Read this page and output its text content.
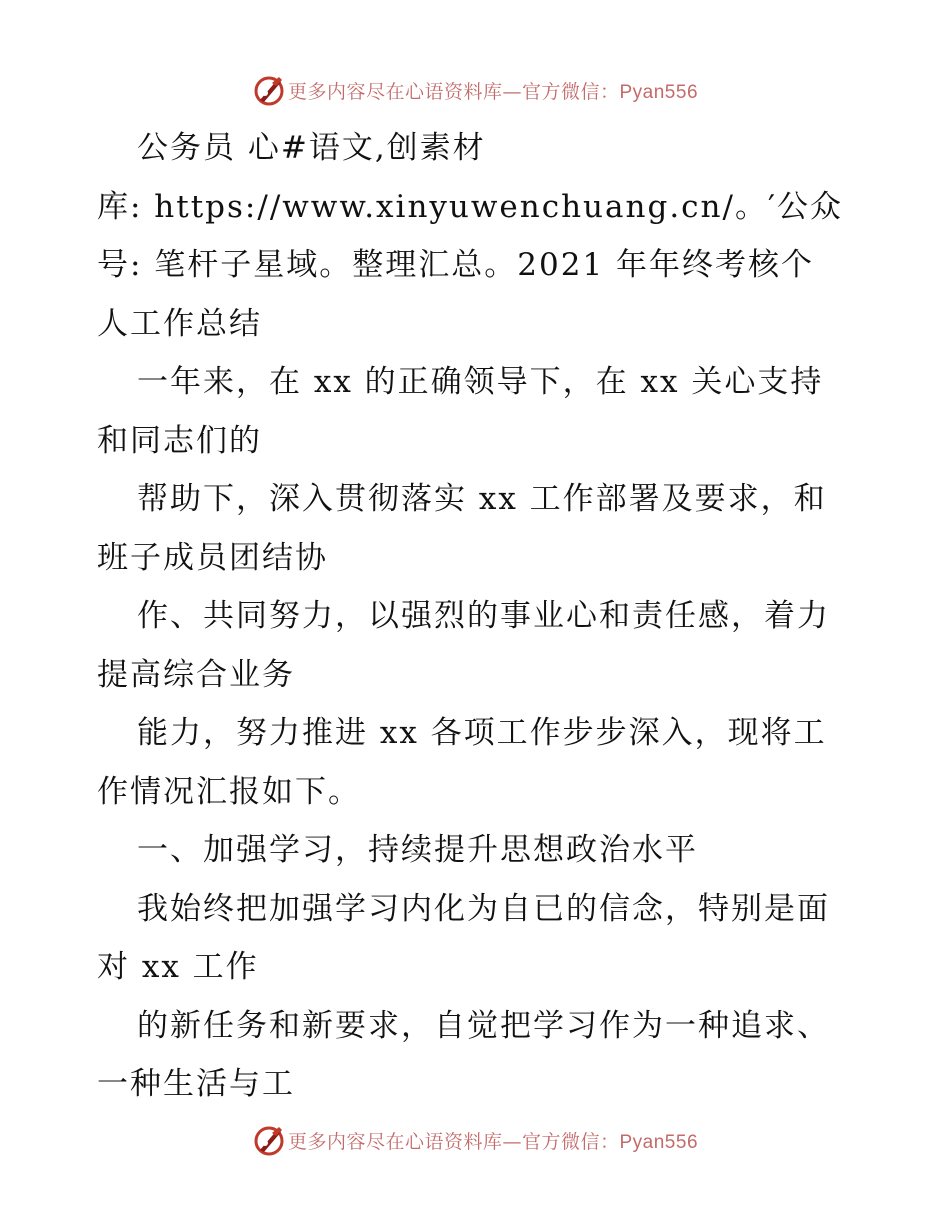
更多内容尽在心语资料库—官方微信：Pyan556
公务员 心#语文,创素材
库: https://www.xinyuwenchuang.cn/。′公众
号: 笔杆子星域。整理汇总。2021 年年终考核个
人工作总结
一年来，在 xx 的正确领导下，在 xx 关心支持
和同志们的
帮助下，深入贯彻落实 xx 工作部署及要求，和
班子成员团结协
作、共同努力，以强烈的事业心和责任感，着力
提高综合业务
能力，努力推进 xx 各项工作步步深入，现将工
作情况汇报如下。
一、加强学习，持续提升思想政治水平
我始终把加强学习内化为自已的信念，特别是面
对 xx 工作
的新任务和新要求，自觉把学习作为一种追求、
一种生活与工
更多内容尽在心语资料库—官方微信：Pyan556
